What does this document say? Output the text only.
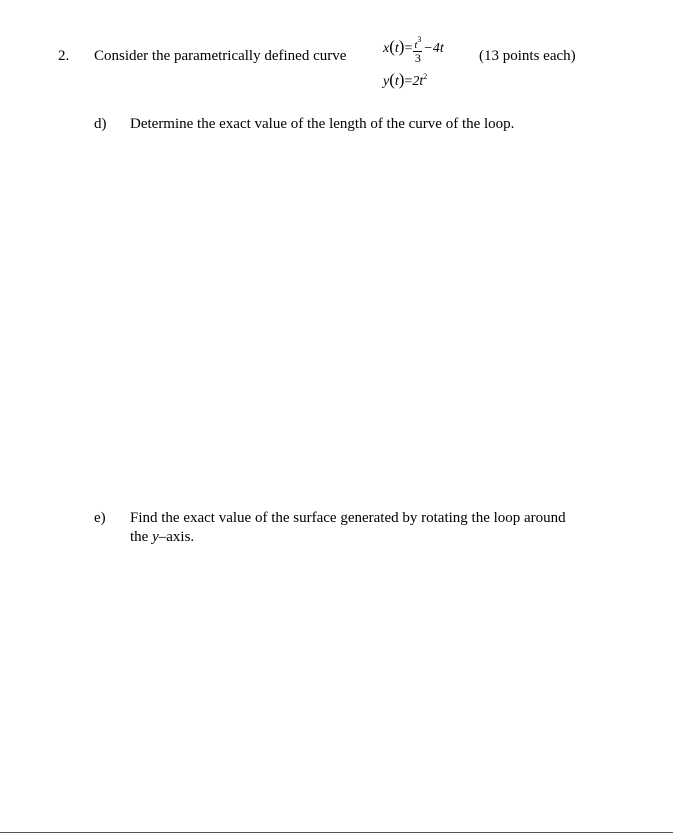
2. Consider the parametrically defined curve	$x(t)= \frac{t^3}{3} -4t$ (13 points each)
$y(t)=2t^2$
d) Determine the exact value of the length of the curve of the loop.
e) Find the exact value of the surface generated by rotating the loop around
the y–axis.
